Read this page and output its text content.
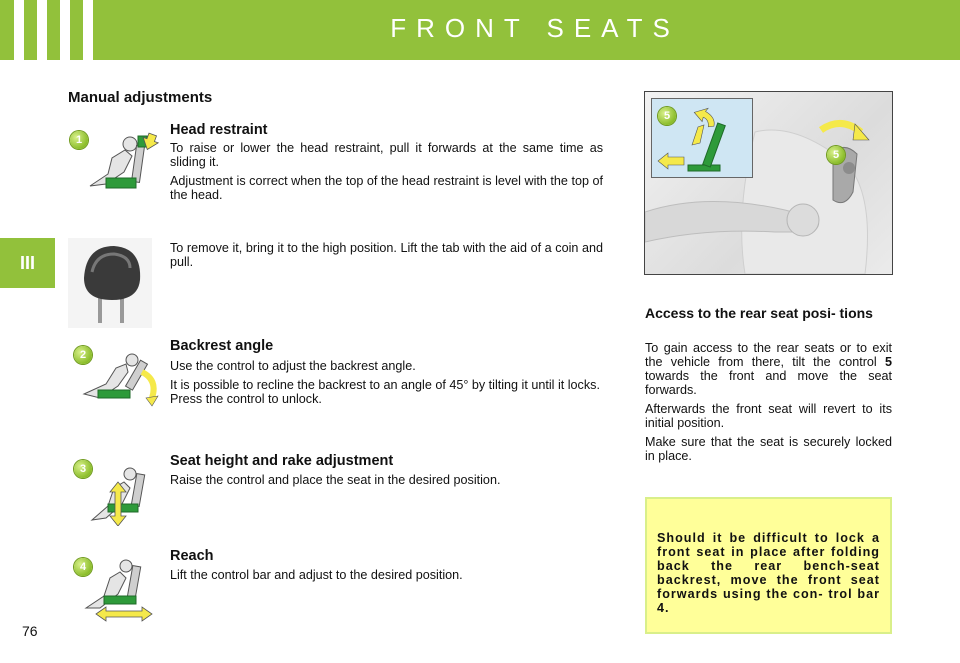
FRONT SEATS
III
Manual adjustments
1
Head restraint

To raise or lower the head restraint, pull it forwards at the same time as sliding it.

Adjustment is correct when the top of the head restraint is level with the top of the head.

To remove it, bring it to the high position. Lift the tab with the aid of a coin and pull.

2
Backrest angle

Use the control to adjust the backrest angle.

It is possible to recline the backrest to an angle of 45° by tilting it until it locks. Press the control to unlock.

3	Seat height and rake adjustment

Raise the control and place the seat in the desired position.

4
Reach

Lift the control bar and adjust to the desired position.

5
5
Access to the rear seat posi- tions

To gain access to the rear seats or to exit the vehicle from there, tilt the control 5 towards the front and move the seat forwards.

Afterwards the front seat will revert to its initial position.

Make sure that the seat is securely locked in place.

Should it be difficult to lock a front seat in place after folding back the rear bench-seat backrest, move the front seat forwards using the con- trol bar 4.
76
